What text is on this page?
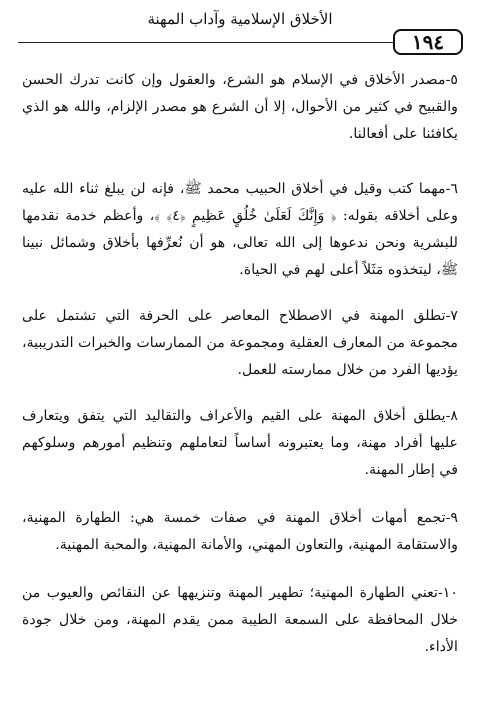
الأخلاق الإسلامية وآداب المهنة
١٩٤
٥-مصدر الأخلاق في الإسلام هو الشرع، والعقول وإن كانت تدرك الحسن والقبيح في كثير من الأحوال، إلا أن الشرع هو مصدر الإلزام، والله هو الذي يكافئنا على أفعالنا.
٦-مهما كتب وقيل في أخلاق الحبيب محمد ﷺ، فإنه لن يبلغ ثناء الله عليه وعلى أخلاقه بقوله: ﴿ وَإِنَّكَ لَعَلَىٰ خُلُقٍ عَظِيمٍ ﴿٤﴾ ﴾، وأعظم خدمة نقدمها للبشرية ونحن ندعوها إلى الله تعالى، هو أن نُعرِّفها بأخلاق وشمائل نبينا ﷺ، ليتخذوه مَثَلاً أعلى لهم في الحياة.
٧-تطلق المهنة في الاصطلاح المعاصر على الحرفة التي تشتمل على مجموعة من المعارف العقلية ومجموعة من الممارسات والخبرات التدريبية، يؤديها الفرد من خلال ممارسته للعمل.
٨-يطلق أخلاق المهنة على القيم والأعراف والتقاليد التي يتفق ويتعارف عليها أفراد مهنة، وما يعتبرونه أساساً لتعاملهم وتنظيم أمورهم وسلوكهم في إطار المهنة.
٩-تجمع أمهات أخلاق المهنة في صفات خمسة هي: الطهارة المهنية، والاستقامة المهنية، والتعاون المهني، والأمانة المهنية، والمحبة المهنية.
١٠-تعني الطهارة المهنية؛ تطهير المهنة وتنزيهها عن النقائص والعيوب من خلال المحافظة على السمعة الطيبة ممن يقدم المهنة، ومن خلال جودة الأداء.
